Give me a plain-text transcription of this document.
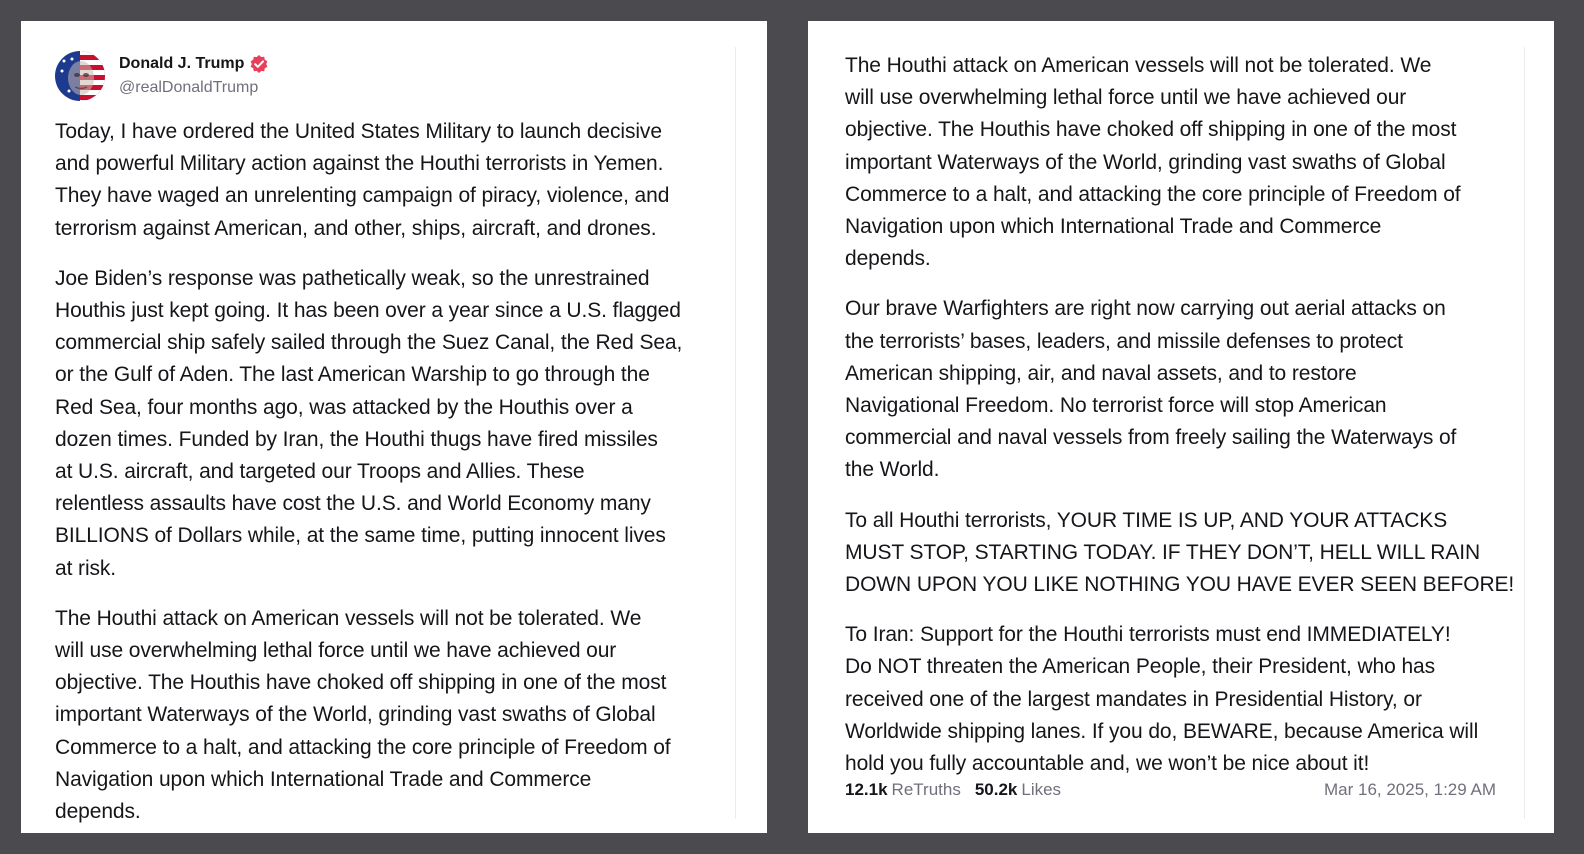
Donald J. Trump
@realDonaldTrump

Today, I have ordered the United States Military to launch decisive
and powerful Military action against the Houthi terrorists in Yemen.
They have waged an unrelenting campaign of piracy, violence, and
terrorism against American, and other, ships, aircraft, and drones.

Joe Biden’s response was pathetically weak, so the unrestrained
Houthis just kept going. It has been over a year since a U.S. flagged
commercial ship safely sailed through the Suez Canal, the Red Sea,
or the Gulf of Aden. The last American Warship to go through the
Red Sea, four months ago, was attacked by the Houthis over a
dozen times. Funded by Iran, the Houthi thugs have fired missiles
at U.S. aircraft, and targeted our Troops and Allies. These
relentless assaults have cost the U.S. and World Economy many
BILLIONS of Dollars while, at the same time, putting innocent lives
at risk.

The Houthi attack on American vessels will not be tolerated. We
will use overwhelming lethal force until we have achieved our
objective. The Houthis have choked off shipping in one of the most
important Waterways of the World, grinding vast swaths of Global
Commerce to a halt, and attacking the core principle of Freedom of
Navigation upon which International Trade and Commerce
depends.

The Houthi attack on American vessels will not be tolerated. We
will use overwhelming lethal force until we have achieved our
objective. The Houthis have choked off shipping in one of the most
important Waterways of the World, grinding vast swaths of Global
Commerce to a halt, and attacking the core principle of Freedom of
Navigation upon which International Trade and Commerce
depends.

Our brave Warfighters are right now carrying out aerial attacks on
the terrorists’ bases, leaders, and missile defenses to protect
American shipping, air, and naval assets, and to restore
Navigational Freedom. No terrorist force will stop American
commercial and naval vessels from freely sailing the Waterways of
the World.

To all Houthi terrorists, YOUR TIME IS UP, AND YOUR ATTACKS
MUST STOP, STARTING TODAY. IF THEY DON’T, HELL WILL RAIN
DOWN UPON YOU LIKE NOTHING YOU HAVE EVER SEEN BEFORE!

To Iran: Support for the Houthi terrorists must end IMMEDIATELY!
Do NOT threaten the American People, their President, who has
received one of the largest mandates in Presidential History, or
Worldwide shipping lanes. If you do, BEWARE, because America will
hold you fully accountable and, we won’t be nice about it!

12.1k ReTruths 50.2k Likes	Mar 16, 2025, 1:29 AM
